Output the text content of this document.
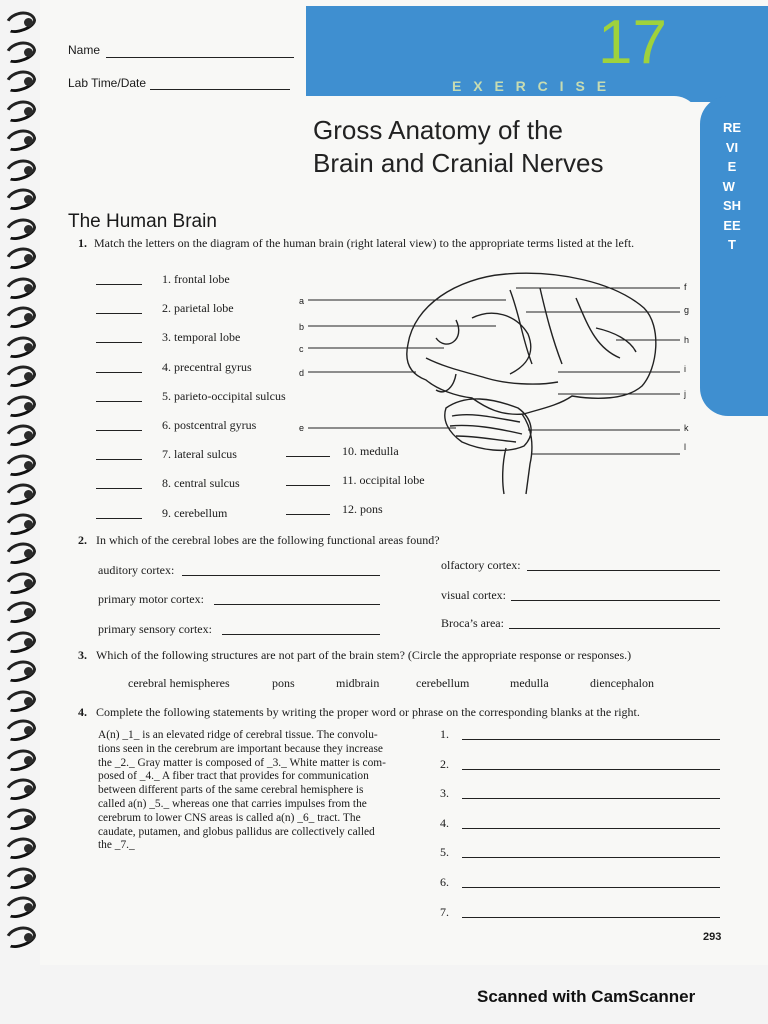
17
E X E R C I S E
REVIEW SHEET
Name
Lab Time/Date
Gross Anatomy of the
Brain and Cranial Nerves
The Human Brain
1. Match the letters on the diagram of the human brain (right lateral view) to the appropriate terms listed at the left.
1. frontal lobe
2. parietal lobe
3. temporal lobe
4. precentral gyrus
5. parieto-occipital sulcus
6. postcentral gyrus
7. lateral sulcus
8. central sulcus
9. cerebellum
10. medulla
11. occipital lobe
12. pons
a
b
c
d
e
f
g
h
i
j
k
l
2. In which of the cerebral lobes are the following functional areas found?
auditory cortex:
primary motor cortex:
primary sensory cortex:
olfactory cortex:
visual cortex:
Broca’s area:
3. Which of the following structures are not part of the brain stem? (Circle the appropriate response or responses.)
cerebral hemispheres	pons	midbrain	cerebellum	medulla	diencephalon
4. Complete the following statements by writing the proper word or phrase on the corresponding blanks at the right.
A(n) _1_ is an elevated ridge of cerebral tissue. The convolu-
tions seen in the cerebrum are important because they increase
the _2._ Gray matter is composed of _3._ White matter is com-
posed of _4._ A fiber tract that provides for communication
between different parts of the same cerebral hemisphere is
called a(n) _5._ whereas one that carries impulses from the
cerebrum to lower CNS areas is called a(n) _6_ tract. The
caudate, putamen, and globus pallidus are collectively called
the _7._
1.
2.
3.
4.
5.
6.
7.
293
Scanned with CamScanner
